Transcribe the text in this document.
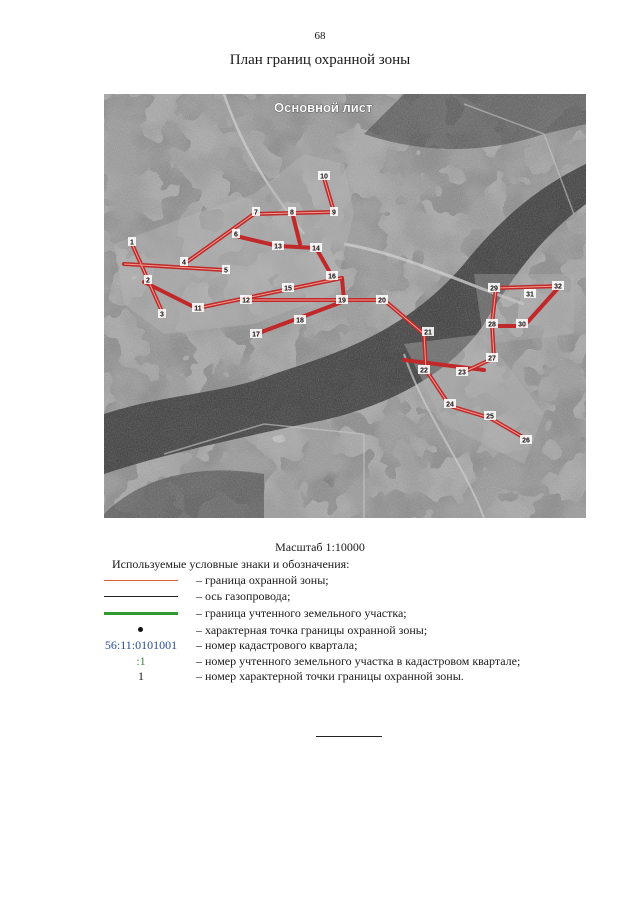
68
План границ охранной зоны
Основной лист
1
2
3
4
5
6
7	8	9
10
11
12
13	14
15
16
17
18
19	20
21
22	23
24
25
26
27
28
29
30
31
32
Масштаб 1:10000
Используемые условные знаки и обозначения:
– граница охранной зоны;
– ось газопровода;
– граница учтенного земельного участка;
– характерная точка границы охранной зоны;
56:11:0101001	– номер кадастрового квартала;
:1	– номер учтенного земельного участка в кадастровом квартале;
1	– номер характерной точки границы охранной зоны.
